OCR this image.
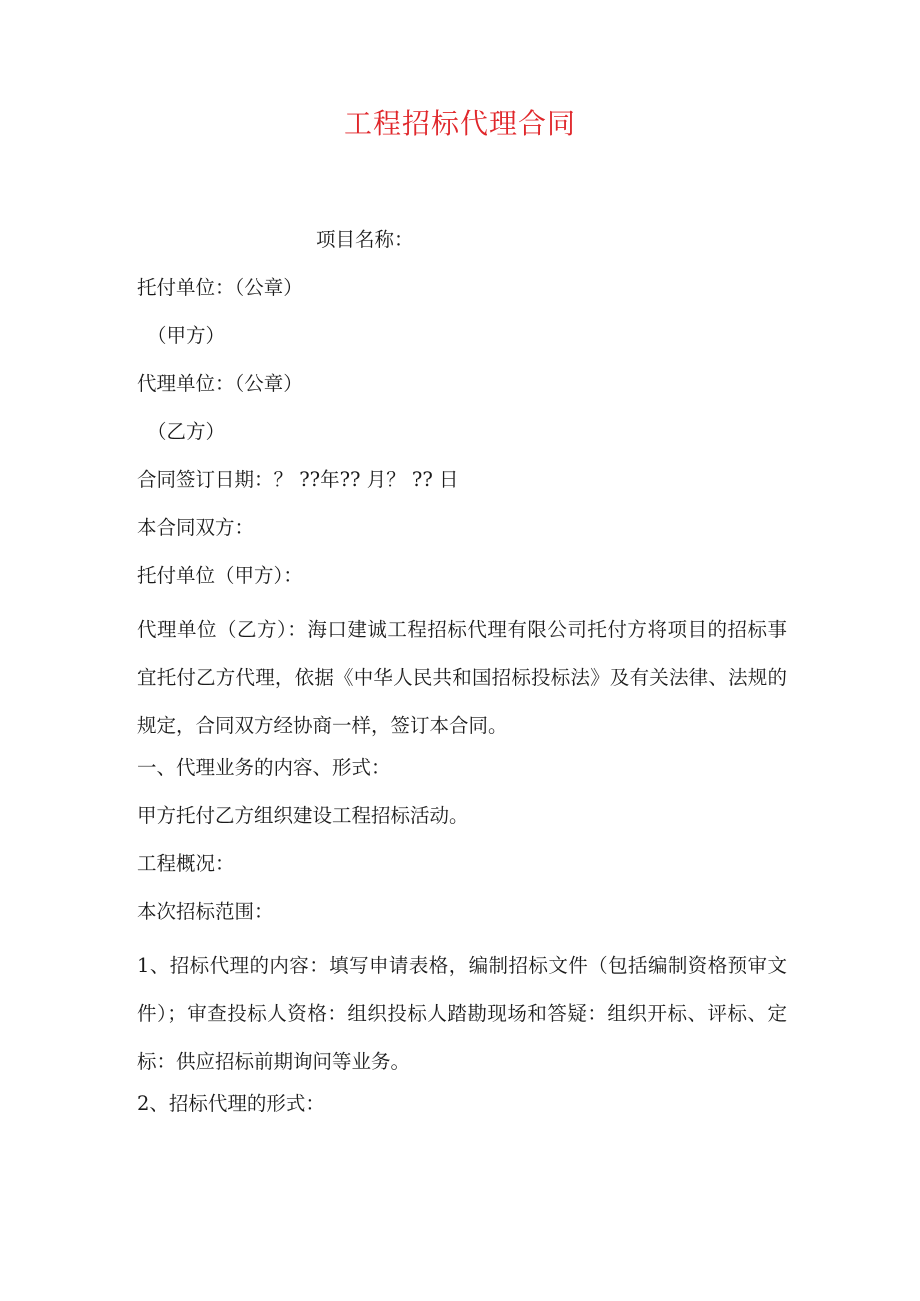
工程招标代理合同
项目名称：
托付单位：（公章）
（甲方）
代理单位：（公章）
（乙方）
合同签订日期：？ ??年?? 月？ ?? 日
本合同双方：
托付单位（甲方）：
代理单位（乙方）：海口建诚工程招标代理有限公司托付方将项目的招标事宜托付乙方代理，依据《中华人民共和国招标投标法》及有关法律、法规的规定，合同双方经协商一样，签订本合同。
一、代理业务的内容、形式：
甲方托付乙方组织建设工程招标活动。
工程概况：
本次招标范围：
1、招标代理的内容：填写申请表格，编制招标文件（包括编制资格预审文件）；审查投标人资格：组织投标人踏勘现场和答疑：组织开标、评标、定标：供应招标前期询问等业务。
2、招标代理的形式：
